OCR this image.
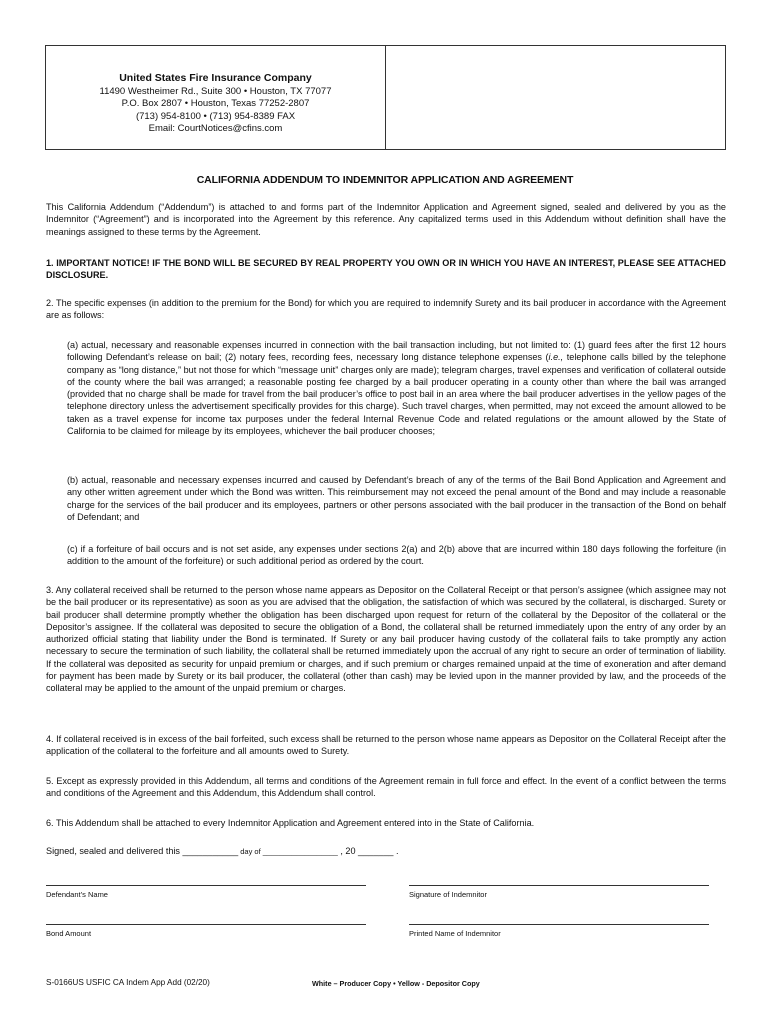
United States Fire Insurance Company
11490 Westheimer Rd., Suite 300 • Houston, TX 77077
P.O. Box 2807 • Houston, Texas 77252-2807
(713) 954-8100 • (713) 954-8389 FAX
Email: CourtNotices@cfins.com
CALIFORNIA ADDENDUM TO INDEMNITOR APPLICATION AND AGREEMENT
This California Addendum (“Addendum”) is attached to and forms part of the Indemnitor Application and Agreement signed, sealed and delivered by you as the Indemnitor (“Agreement”) and is incorporated into the Agreement by this reference. Any capitalized terms used in this Addendum without definition shall have the meanings assigned to these terms by the Agreement.
1. IMPORTANT NOTICE! IF THE BOND WILL BE SECURED BY REAL PROPERTY YOU OWN OR IN WHICH YOU HAVE AN INTEREST, PLEASE SEE ATTACHED DISCLOSURE.
2. The specific expenses (in addition to the premium for the Bond) for which you are required to indemnify Surety and its bail producer in accordance with the Agreement are as follows:
(a) actual, necessary and reasonable expenses incurred in connection with the bail transaction including, but not limited to: (1) guard fees after the first 12 hours following Defendant’s release on bail; (2) notary fees, recording fees, necessary long distance telephone expenses (i.e., telephone calls billed by the telephone company as “long distance,” but not those for which “message unit” charges only are made); telegram charges, travel expenses and verification of collateral outside of the county where the bail was arranged; a reasonable posting fee charged by a bail producer operating in a county other than where the bail was arranged (provided that no charge shall be made for travel from the bail producer’s office to post bail in an area where the bail producer advertises in the yellow pages of the telephone directory unless the advertisement specifically provides for this charge). Such travel charges, when permitted, may not exceed the amount allowed to be taken as a travel expense for income tax purposes under the federal Internal Revenue Code and related regulations or the amount allowed by the State of California to be claimed for mileage by its employees, whichever the bail producer chooses;
(b) actual, reasonable and necessary expenses incurred and caused by Defendant’s breach of any of the terms of the Bail Bond Application and Agreement and any other written agreement under which the Bond was written. This reimbursement may not exceed the penal amount of the Bond and may include a reasonable charge for the services of the bail producer and its employees, partners or other persons associated with the bail producer in the transaction of the Bond on behalf of Defendant; and
(c) if a forfeiture of bail occurs and is not set aside, any expenses under sections 2(a) and 2(b) above that are incurred within 180 days following the forfeiture (in addition to the amount of the forfeiture) or such additional period as ordered by the court.
3. Any collateral received shall be returned to the person whose name appears as Depositor on the Collateral Receipt or that person’s assignee (which assignee may not be the bail producer or its representative) as soon as you are advised that the obligation, the satisfaction of which was secured by the collateral, is discharged. Surety or bail producer shall determine promptly whether the obligation has been discharged upon request for return of the collateral by the Depositor of the collateral or the Depositor’s assignee. If the collateral was deposited to secure the obligation of a Bond, the collateral shall be returned immediately upon the entry of any order by an authorized official stating that liability under the Bond is terminated. If Surety or any bail producer having custody of the collateral fails to take promptly any action necessary to secure the termination of such liability, the collateral shall be returned immediately upon the accrual of any right to secure an order of termination of liability. If the collateral was deposited as security for unpaid premium or charges, and if such premium or charges remained unpaid at the time of exoneration and after demand for payment has been made by Surety or its bail producer, the collateral (other than cash) may be levied upon in the manner provided by law, and the proceeds of the collateral may be applied to the amount of the unpaid premium or charges.
4. If collateral received is in excess of the bail forfeited, such excess shall be returned to the person whose name appears as Depositor on the Collateral Receipt after the application of the collateral to the forfeiture and all amounts owed to Surety.
5. Except as expressly provided in this Addendum, all terms and conditions of the Agreement remain in full force and effect. In the event of a conflict between the terms and conditions of the Agreement and this Addendum, this Addendum shall control.
6. This Addendum shall be attached to every Indemnitor Application and Agreement entered into in the State of California.
Signed, sealed and delivered this ___________ day of __________________ , 20 _______ .
Defendant’s Name	Signature of Indemnitor
Bond Amount	Printed Name of Indemnitor
S-0166US USFIC CA Indem App Add (02/20)	White – Producer Copy • Yellow - Depositor Copy
